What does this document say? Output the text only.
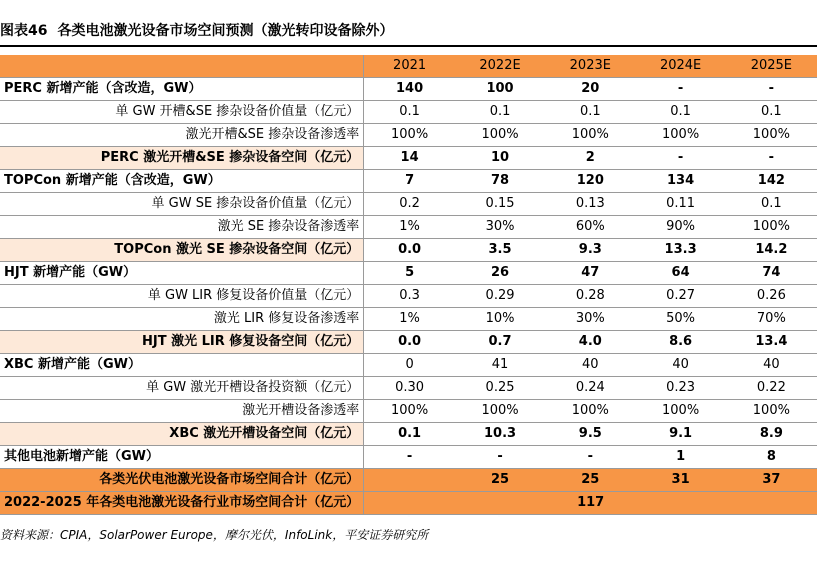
图表46 各类电池激光设备市场空间预测（激光转印设备除外）
	2021	2022E	2023E	2024E	2025E
PERC 新增产能（含改造，GW）	140	100	20	-	-
单 GW 开槽&SE 掺杂设备价值量（亿元）	0.1	0.1	0.1	0.1	0.1
激光开槽&SE 掺杂设备渗透率	100%	100%	100%	100%	100%
PERC 激光开槽&SE 掺杂设备空间（亿元）	14	10	2	-	-
TOPCon 新增产能（含改造，GW）	7	78	120	134	142
单 GW SE 掺杂设备价值量（亿元）	0.2	0.15	0.13	0.11	0.1
激光 SE 掺杂设备渗透率	1%	30%	60%	90%	100%
TOPCon 激光 SE 掺杂设备空间（亿元）	0.0	3.5	9.3	13.3	14.2
HJT 新增产能（GW）	5	26	47	64	74
单 GW LIR 修复设备价值量（亿元）	0.3	0.29	0.28	0.27	0.26
激光 LIR 修复设备渗透率	1%	10%	30%	50%	70%
HJT 激光 LIR 修复设备空间（亿元）	0.0	0.7	4.0	8.6	13.4
XBC 新增产能（GW）	0	41	40	40	40
单 GW 激光开槽设备投资额（亿元）	0.30	0.25	0.24	0.23	0.22
激光开槽设备渗透率	100%	100%	100%	100%	100%
XBC 激光开槽设备空间（亿元）	0.1	10.3	9.5	9.1	8.9
其他电池新增产能（GW）	-	-	-	1	8
各类光伏电池激光设备市场空间合计（亿元）		25	25	31	37
2022-2025 年各类电池激光设备行业市场空间合计（亿元）	117				
资料来源：CPIA，SolarPower Europe，摩尔光伏，InfoLink，平安证券研究所
